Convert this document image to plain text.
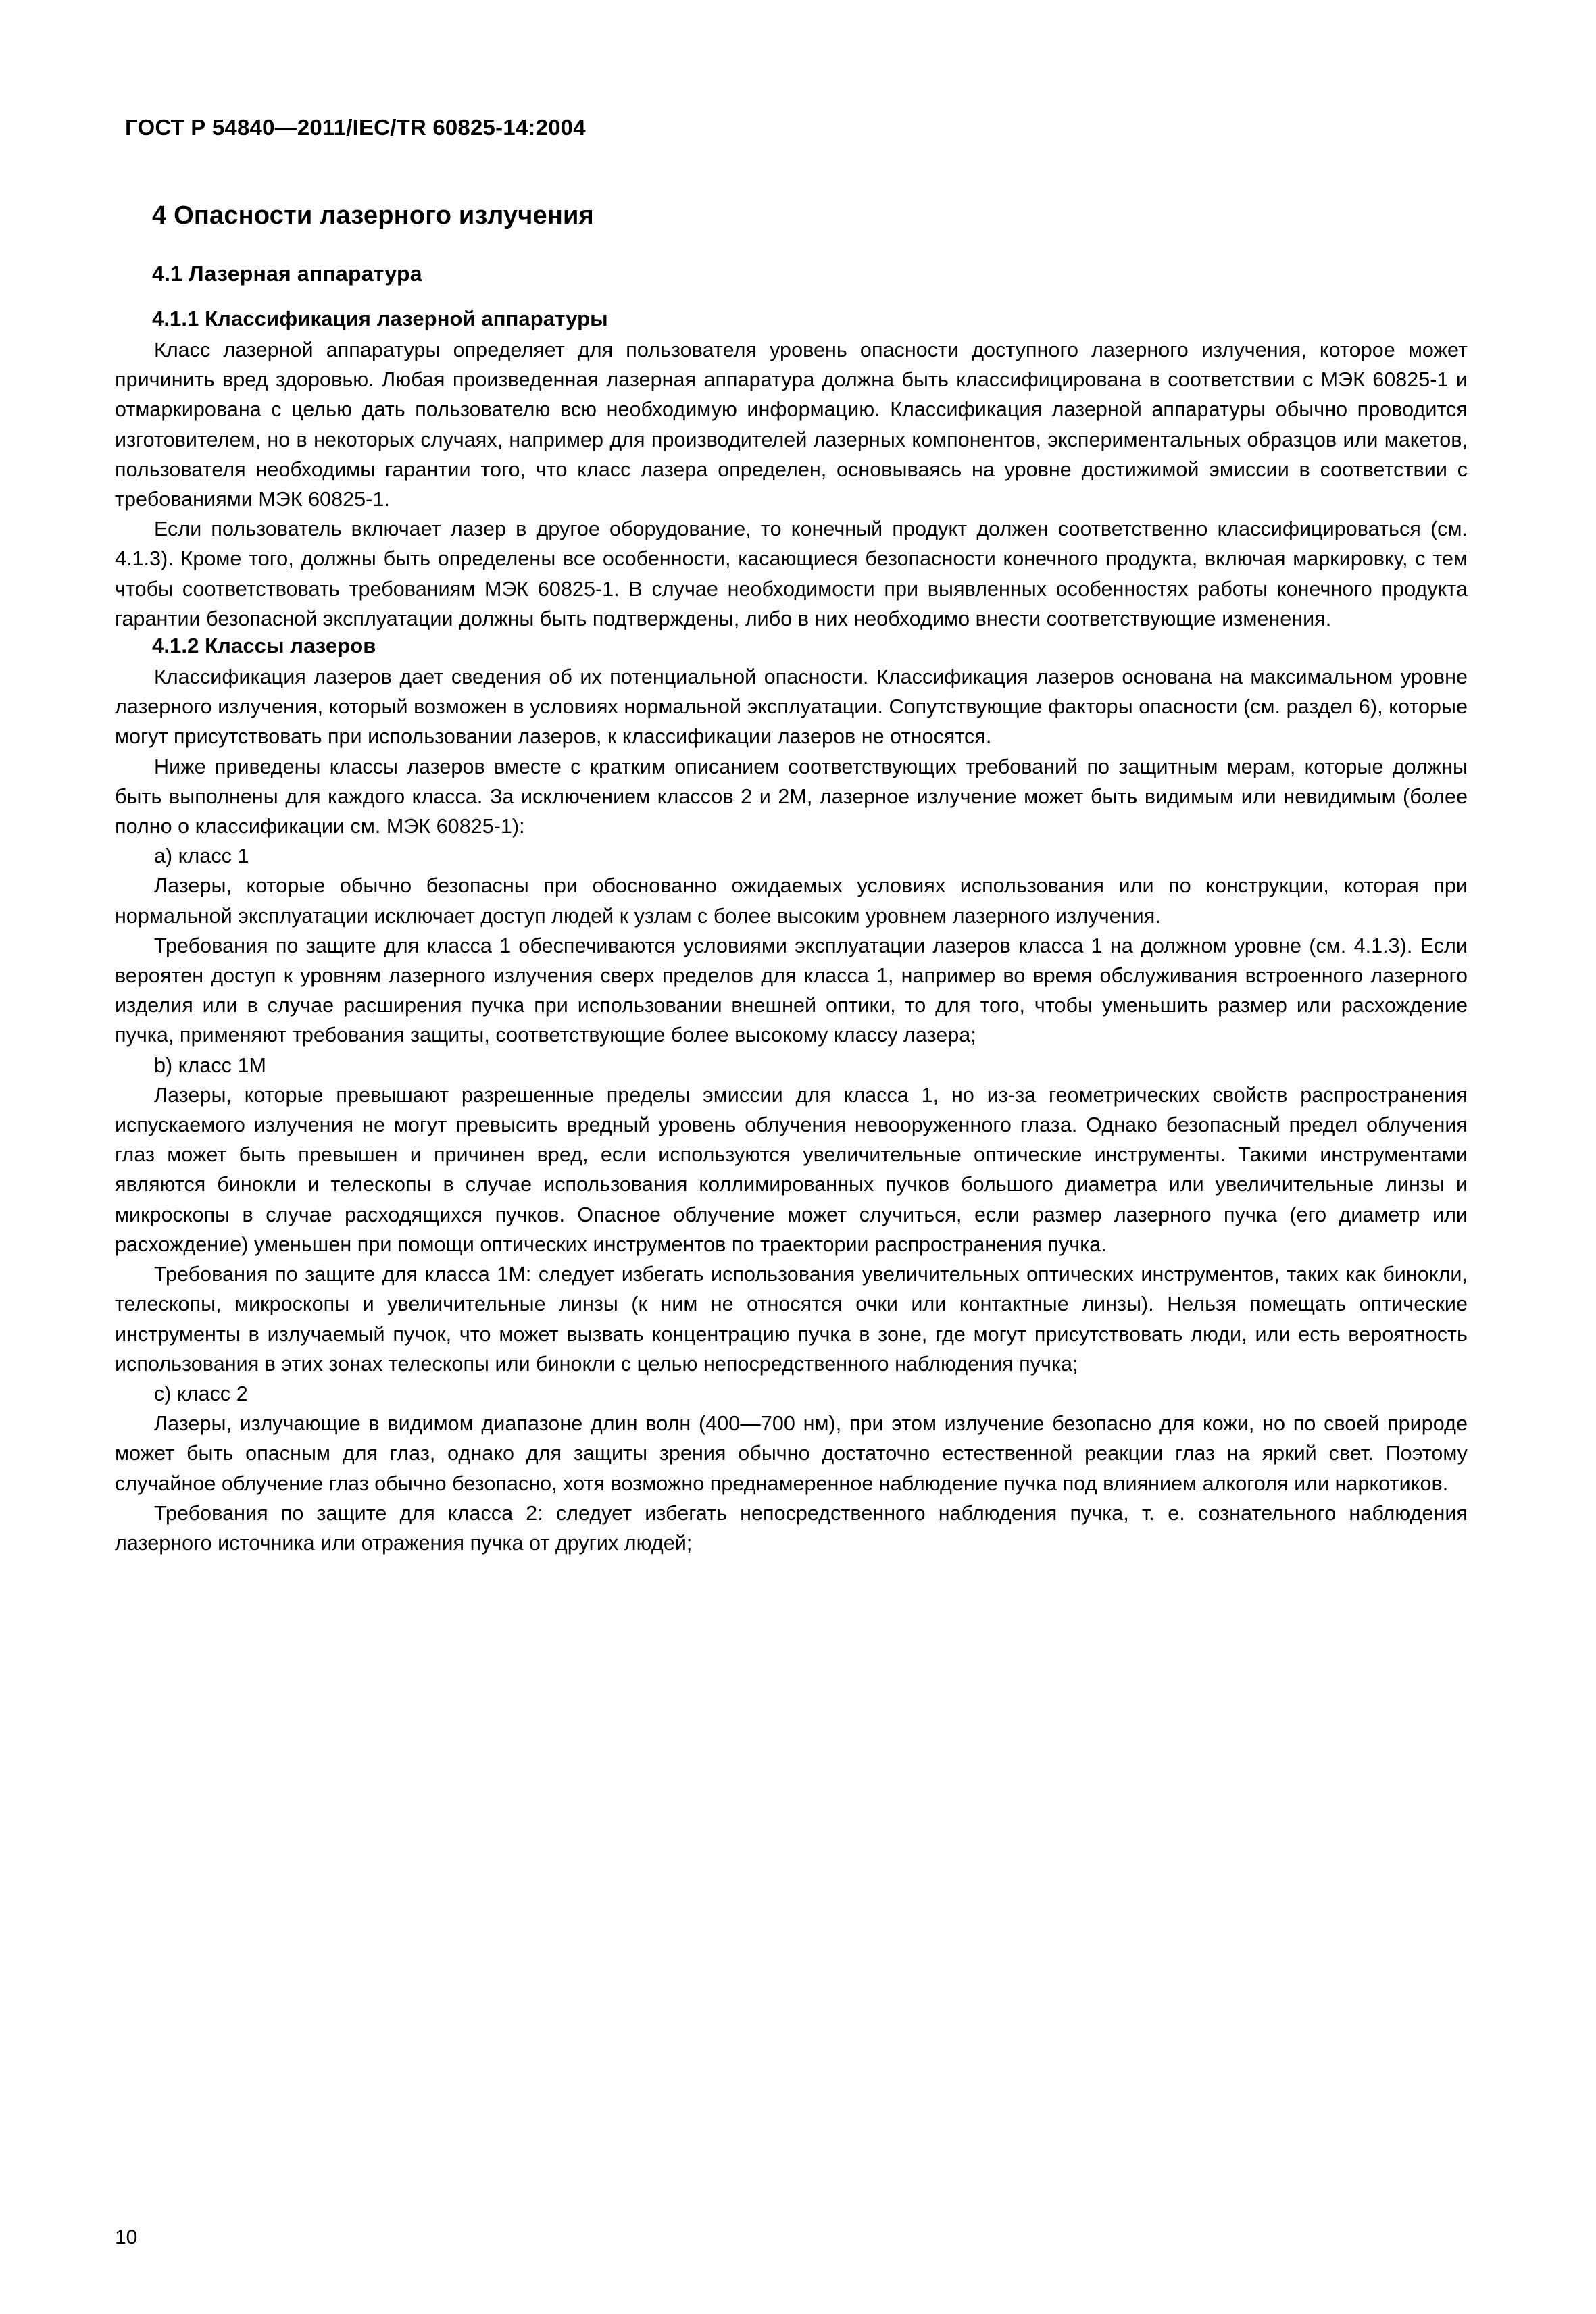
ГОСТ Р 54840—2011/IEC/TR 60825-14:2004
4 Опасности лазерного излучения
4.1 Лазерная аппаратура
4.1.1 Классификация лазерной аппаратуры

Класс лазерной аппаратуры определяет для пользователя уровень опасности доступного лазерного излучения, которое может причинить вред здоровью. Любая произведенная лазерная аппаратура должна быть классифицирована в соответствии с МЭК 60825-1 и отмаркирована с целью дать пользователю всю необходимую информацию. Классификация лазерной аппаратуры обычно проводится изготовителем, но в некоторых случаях, например для производителей лазерных компонентов, экспериментальных образцов или макетов, пользователя необходимы гарантии того, что класс лазера определен, основываясь на уровне достижимой эмиссии в соответствии с требованиями МЭК 60825-1.

Если пользователь включает лазер в другое оборудование, то конечный продукт должен соответственно классифицироваться (см. 4.1.3). Кроме того, должны быть определены все особенности, касающиеся безопасности конечного продукта, включая маркировку, с тем чтобы соответствовать требованиям МЭК 60825-1. В случае необходимости при выявленных особенностях работы конечного продукта гарантии безопасной эксплуатации должны быть подтверждены, либо в них необходимо внести соответствующие изменения.

4.1.2 Классы лазеров

Классификация лазеров дает сведения об их потенциальной опасности. Классификация лазеров основана на максимальном уровне лазерного излучения, который возможен в условиях нормальной эксплуатации. Сопутствующие факторы опасности (см. раздел 6), которые могут присутствовать при использовании лазеров, к классификации лазеров не относятся.

Ниже приведены классы лазеров вместе с кратким описанием соответствующих требований по защитным мерам, которые должны быть выполнены для каждого класса. За исключением классов 2 и 2М, лазерное излучение может быть видимым или невидимым (более полно о классификации см. МЭК 60825-1):

a) класс 1

Лазеры, которые обычно безопасны при обоснованно ожидаемых условиях использования или по конструкции, которая при нормальной эксплуатации исключает доступ людей к узлам с более высоким уровнем лазерного излучения.

Требования по защите для класса 1 обеспечиваются условиями эксплуатации лазеров класса 1 на должном уровне (см. 4.1.3). Если вероятен доступ к уровням лазерного излучения сверх пределов для класса 1, например во время обслуживания встроенного лазерного изделия или в случае расширения пучка при использовании внешней оптики, то для того, чтобы уменьшить размер или расхождение пучка, применяют требования защиты, соответствующие более высокому классу лазера;

b) класс 1М

Лазеры, которые превышают разрешенные пределы эмиссии для класса 1, но из-за геометрических свойств распространения испускаемого излучения не могут превысить вредный уровень облучения невооруженного глаза. Однако безопасный предел облучения глаз может быть превышен и причинен вред, если используются увеличительные оптические инструменты. Такими инструментами являются бинокли и телескопы в случае использования коллимированных пучков большого диаметра или увеличительные линзы и микроскопы в случае расходящихся пучков. Опасное облучение может случиться, если размер лазерного пучка (его диаметр или расхождение) уменьшен при помощи оптических инструментов по траектории распространения пучка.

Требования по защите для класса 1М: следует избегать использования увеличительных оптических инструментов, таких как бинокли, телескопы, микроскопы и увеличительные линзы (к ним не относятся очки или контактные линзы). Нельзя помещать оптические инструменты в излучаемый пучок, что может вызвать концентрацию пучка в зоне, где могут присутствовать люди, или есть вероятность использования в этих зонах телескопы или бинокли с целью непосредственного наблюдения пучка;

c) класс 2

Лазеры, излучающие в видимом диапазоне длин волн (400—700 нм), при этом излучение безопасно для кожи, но по своей природе может быть опасным для глаз, однако для защиты зрения обычно достаточно естественной реакции глаз на яркий свет. Поэтому случайное облучение глаз обычно безопасно, хотя возможно преднамеренное наблюдение пучка под влиянием алкоголя или наркотиков.

Требования по защите для класса 2: следует избегать непосредственного наблюдения пучка, т. е. сознательного наблюдения лазерного источника или отражения пучка от других людей;

10
